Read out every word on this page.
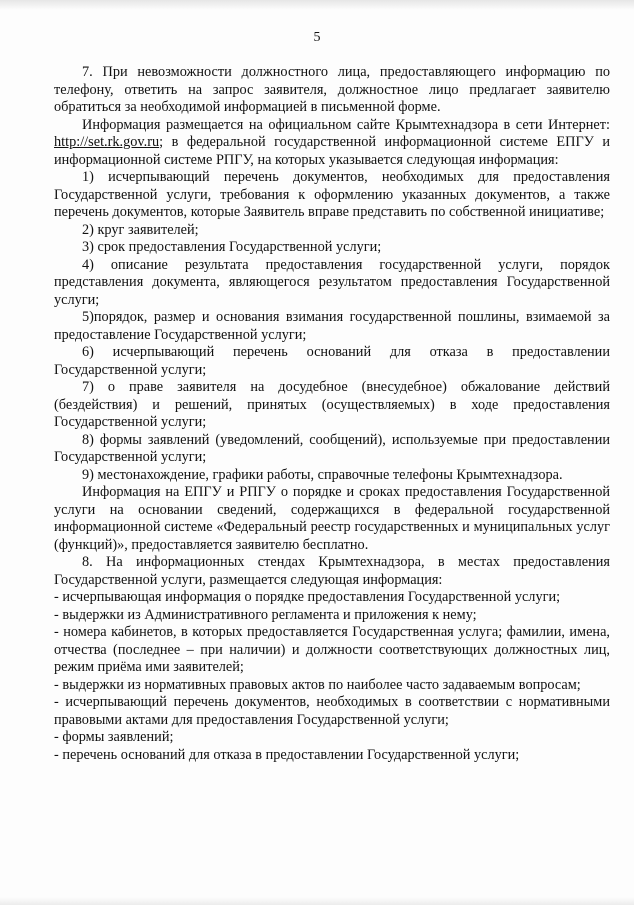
5

7. При невозможности должностного лица, предоставляющего информацию по телефону, ответить на запрос заявителя, должностное лицо предлагает заявителю обратиться за необходимой информацией в письменной форме.

Информация размещается на официальном сайте Крымтехнадзора в сети Интернет: http://set.rk.gov.ru; в федеральной государственной информационной системе ЕПГУ и информационной системе РПГУ, на которых указывается следующая информация:

1) исчерпывающий перечень документов, необходимых для предоставления Государственной услуги, требования к оформлению указанных документов, а также перечень документов, которые Заявитель вправе представить по собственной инициативе;

2) круг заявителей;

3) срок предоставления Государственной услуги;

4) описание результата предоставления государственной услуги, порядок представления документа, являющегося результатом предоставления Государственной услуги;

5)порядок, размер и основания взимания государственной пошлины, взимаемой за предоставление Государственной услуги;

6) исчерпывающий перечень оснований для отказа в предоставлении Государственной услуги;

7) о праве заявителя на досудебное (внесудебное) обжалование действий (бездействия) и решений, принятых (осуществляемых) в ходе предоставления Государственной услуги;

8) формы заявлений (уведомлений, сообщений), используемые при предоставлении Государственной услуги;

9) местонахождение, графики работы, справочные телефоны Крымтехнадзора.

Информация на ЕПГУ и РПГУ о порядке и сроках предоставления Государственной услуги на основании сведений, содержащихся в федеральной государственной информационной системе «Федеральный реестр государственных и муниципальных услуг (функций)», предоставляется заявителю бесплатно.

8. На информационных стендах Крымтехнадзора, в местах предоставления Государственной услуги, размещается следующая информация:

- исчерпывающая информация о порядке предоставления Государственной услуги;

- выдержки из Административного регламента и приложения к нему;

- номера кабинетов, в которых предоставляется Государственная услуга; фамилии, имена, отчества (последнее – при наличии) и должности соответствующих должностных лиц, режим приёма ими заявителей;

- выдержки из нормативных правовых актов по наиболее часто задаваемым вопросам;

- исчерпывающий перечень документов, необходимых в соответствии с нормативными правовыми актами для предоставления Государственной услуги;

- формы заявлений;

- перечень оснований для отказа в предоставлении Государственной услуги;
